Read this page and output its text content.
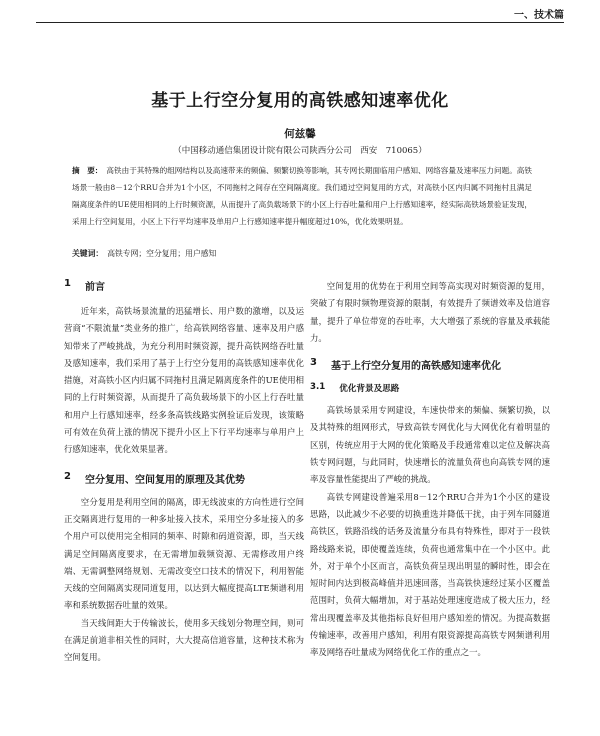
一、技术篇
基于上行空分复用的高铁感知速率优化
何兹馨
（中国移动通信集团设计院有限公司陕西分公司　西安　710065）
摘　要： 高铁由于其特殊的组网结构以及高速带来的频偏、频繁切换等影响，其专网长期面临用户感知、网络容量及速率压力问题。高铁场景一般由8－12个RRU合并为1个小区，不同拖村之间存在空间隔离度。我们通过空间复用的方式，对高铁小区内归属不同拖村且满足隔离度条件的UE使用相同的上行时频资源，从而提升了高负载场景下的小区上行吞吐量和用户上行感知速率，经实际高铁场景验证发现，采用上行空间复用，小区上下行平均速率及单用户上行感知速率提升幅度超过10%，优化效果明显。
关键词： 高铁专网；空分复用；用户感知
1 前言

近年来，高铁场景流量的迅猛增长、用户数的激增，以及运营商“不限流量”类业务的推广，给高铁网络容量、速率及用户感知带来了严峻挑战，为充分利用时频资源，提升高铁网络吞吐量及感知速率，我们采用了基于上行空分复用的高铁感知速率优化措施，对高铁小区内归属不同拖村且满足隔离度条件的UE使用相同的上行时频资源，从而提升了高负载场景下的小区上行吞吐量和用户上行感知速率，经多条高铁线路实例验证后发现，该策略可有效在负荷上涨的情况下提升小区上下行平均速率与单用户上行感知速率，优化效果显著。

2 空分复用、空间复用的原理及其优势

空分复用是利用空间的隔离，即无线波束的方向性进行空间正交隔离进行复用的一种多址接入技术，采用空分多址接入的多个用户可以使用完全相同的频率、时隙和码道资源，即，当天线满足空间隔离度要求，在无需增加载频资源、无需修改用户终端、无需调整网络规划、无需改变空口技术的情况下，利用智能天线的空间隔离实现同道复用，以达到大幅度提高LTE频谱利用率和系统数据吞吐量的效果。

当天线间距大于传输波长，使用多天线划分物理空间，则可在满足前道非相关性的同时，大大提高信道容量，这种技术称为空间复用。

空间复用的优势在于利用空间等高实现对时频资源的复用，突破了有限时频物理资源的限制，有效提升了频谱效率及信道容量，提升了单位带宽的吞吐率，大大增强了系统的容量及承载能力。

3 基于上行空分复用的高铁感知速率优化
3.1 优化背景及思路

高铁场景采用专网建设，车速快带来的频偏、频繁切换，以及其特殊的组网形式，导致高铁专网优化与大网优化有着明显的区别，传统应用于大网的优化策略及手段通常难以定位及解决高铁专网问题，与此同时，快速增长的流量负荷也向高铁专网的速率及容量性能提出了严峻的挑战。

高铁专网建设普遍采用8－12个RRU合并为1个小区的建设思路，以此减少不必要的切换重选并降低干扰，由于列车同隧道高铁区，铁路沿线的话务及流量分布具有特殊性，即对于一段铁路线路来说，即使覆盖连续，负荷也通常集中在一个小区中。此外，对于单个小区而言，高铁负荷呈现出明显的瞬时性，即会在短时间内达到极高峰值并迅速回落，当高铁快速经过某小区覆盖范围时，负荷大幅增加，对于基站处理速度造成了极大压力，经常出现覆盖率及其他指标良好但用户感知差的情况。为提高数据传输速率，改善用户感知，利用有限资源提高高铁专网频谱利用率及网络吞吐量成为网络优化工作的重点之一。
